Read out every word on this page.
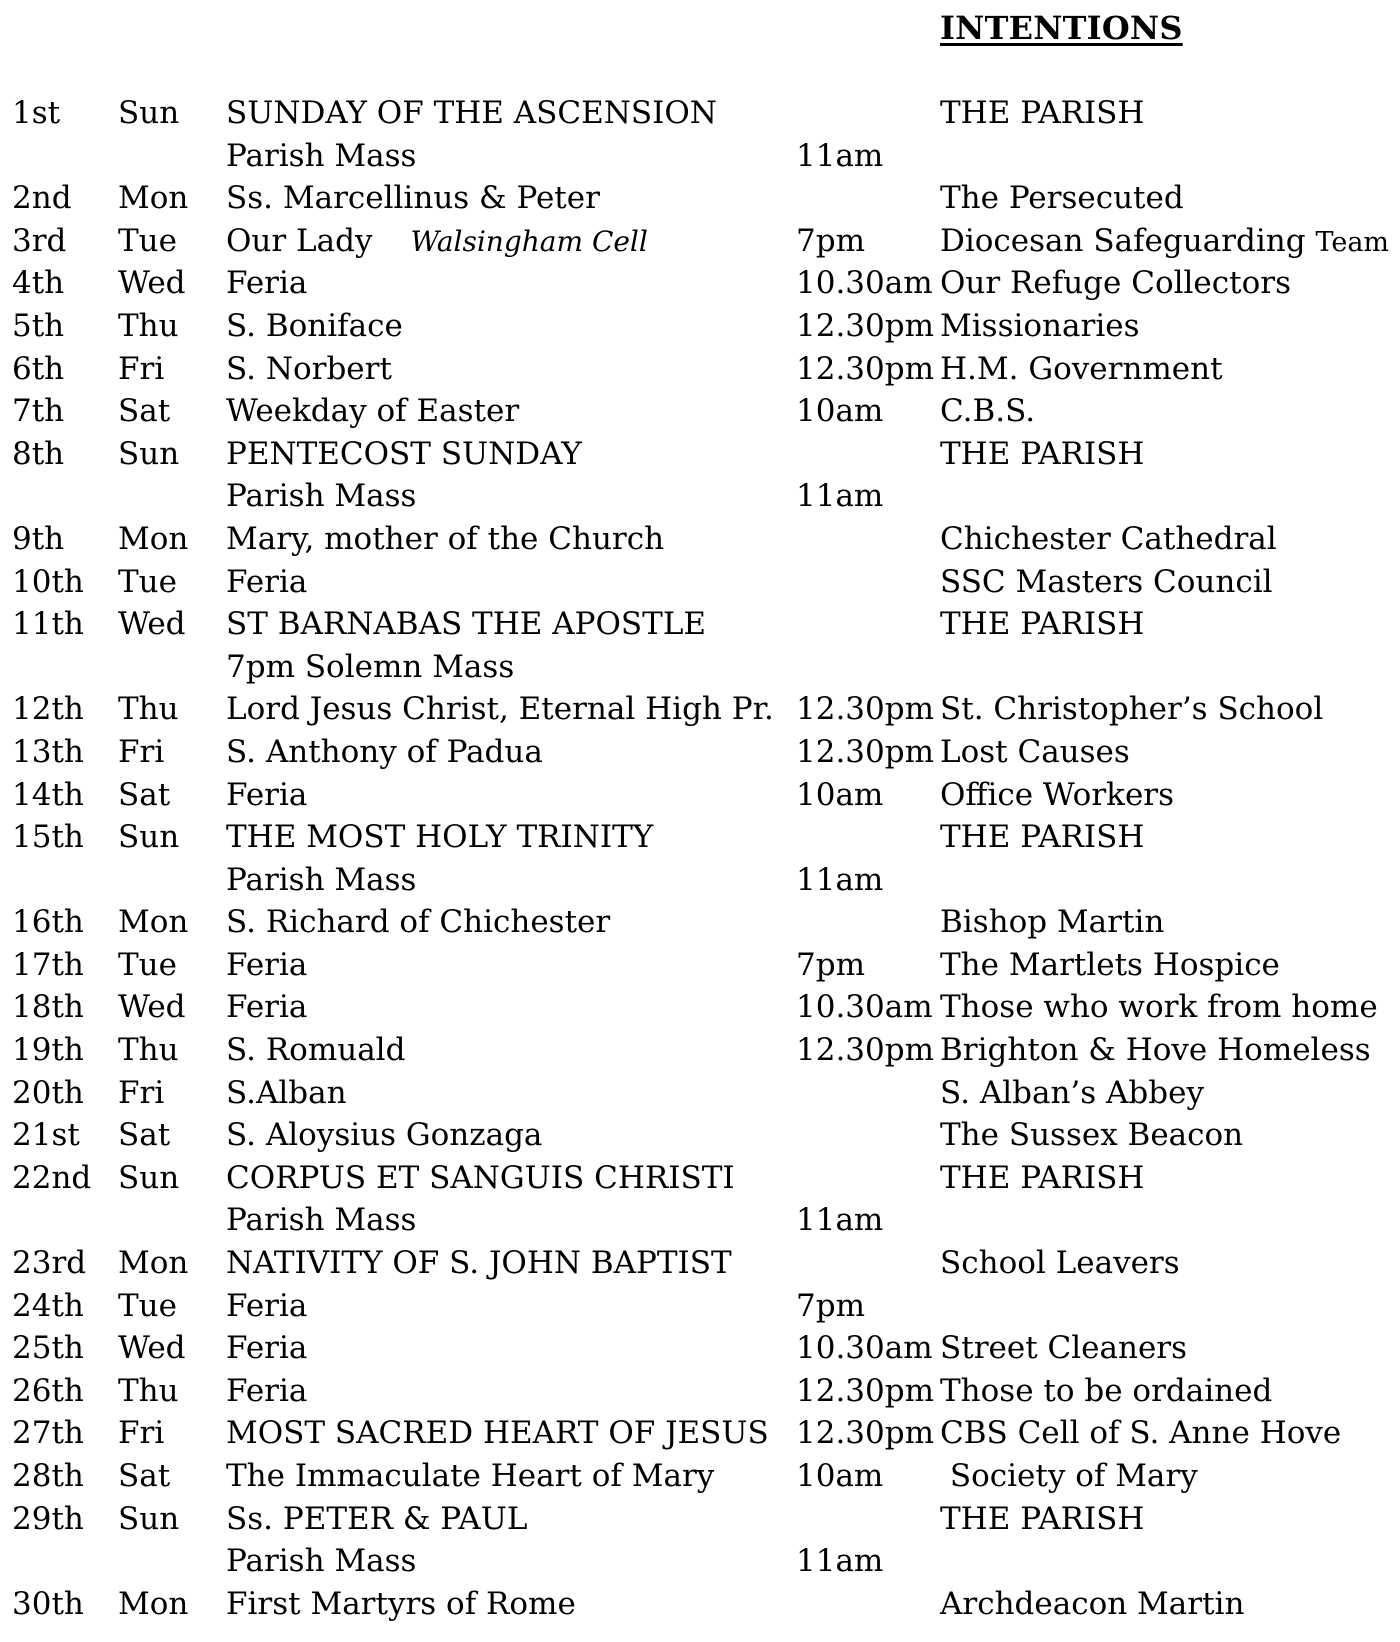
INTENTIONS
1st Sun SUNDAY OF THE ASCENSION	THE PARISH
Parish Mass	11am
2nd Mon Ss. Marcellinus & Peter	The Persecuted
3rd Tue Our Lady Walsingham Cell	7pm Diocesan Safeguarding Team
4th Wed Feria	10.30am Our Refuge Collectors
5th Thu S. Boniface	12.30pm Missionaries
6th Fri S. Norbert	12.30pm H.M. Government
7th Sat Weekday of Easter	10am C.B.S.
8th Sun PENTECOST SUNDAY	THE PARISH
Parish Mass	11am
9th Mon Mary, mother of the Church	Chichester Cathedral
10th Tue Feria	SSC Masters Council
11th Wed ST BARNABAS THE APOSTLE	THE PARISH
7pm Solemn Mass
12th Thu Lord Jesus Christ, Eternal High Pr. 12.30pm St. Christopher’s School
13th Fri S. Anthony of Padua	12.30pm Lost Causes
14th Sat Feria	10am Office Workers
15th Sun THE MOST HOLY TRINITY	THE PARISH
Parish Mass	11am
16th Mon S. Richard of Chichester	Bishop Martin
17th Tue Feria	7pm The Martlets Hospice
18th Wed Feria	10.30am Those who work from home
19th Thu S. Romuald	12.30pm Brighton & Hove Homeless
20th Fri S.Alban	S. Alban’s Abbey
21st Sat S. Aloysius Gonzaga	The Sussex Beacon
22nd Sun CORPUS ET SANGUIS CHRISTI	THE PARISH
Parish Mass	11am
23rd Mon NATIVITY OF S. JOHN BAPTIST	School Leavers
24th Tue Feria	7pm
25th Wed Feria	10.30am Street Cleaners
26th Thu Feria	12.30pm Those to be ordained
27th Fri MOST SACRED HEART OF JESUS 12.30pm CBS Cell of S. Anne Hove
28th Sat The Immaculate Heart of Mary	10am Society of Mary
29th Sun Ss. PETER & PAUL	THE PARISH
Parish Mass	11am
30th Mon First Martyrs of Rome	Archdeacon Martin
